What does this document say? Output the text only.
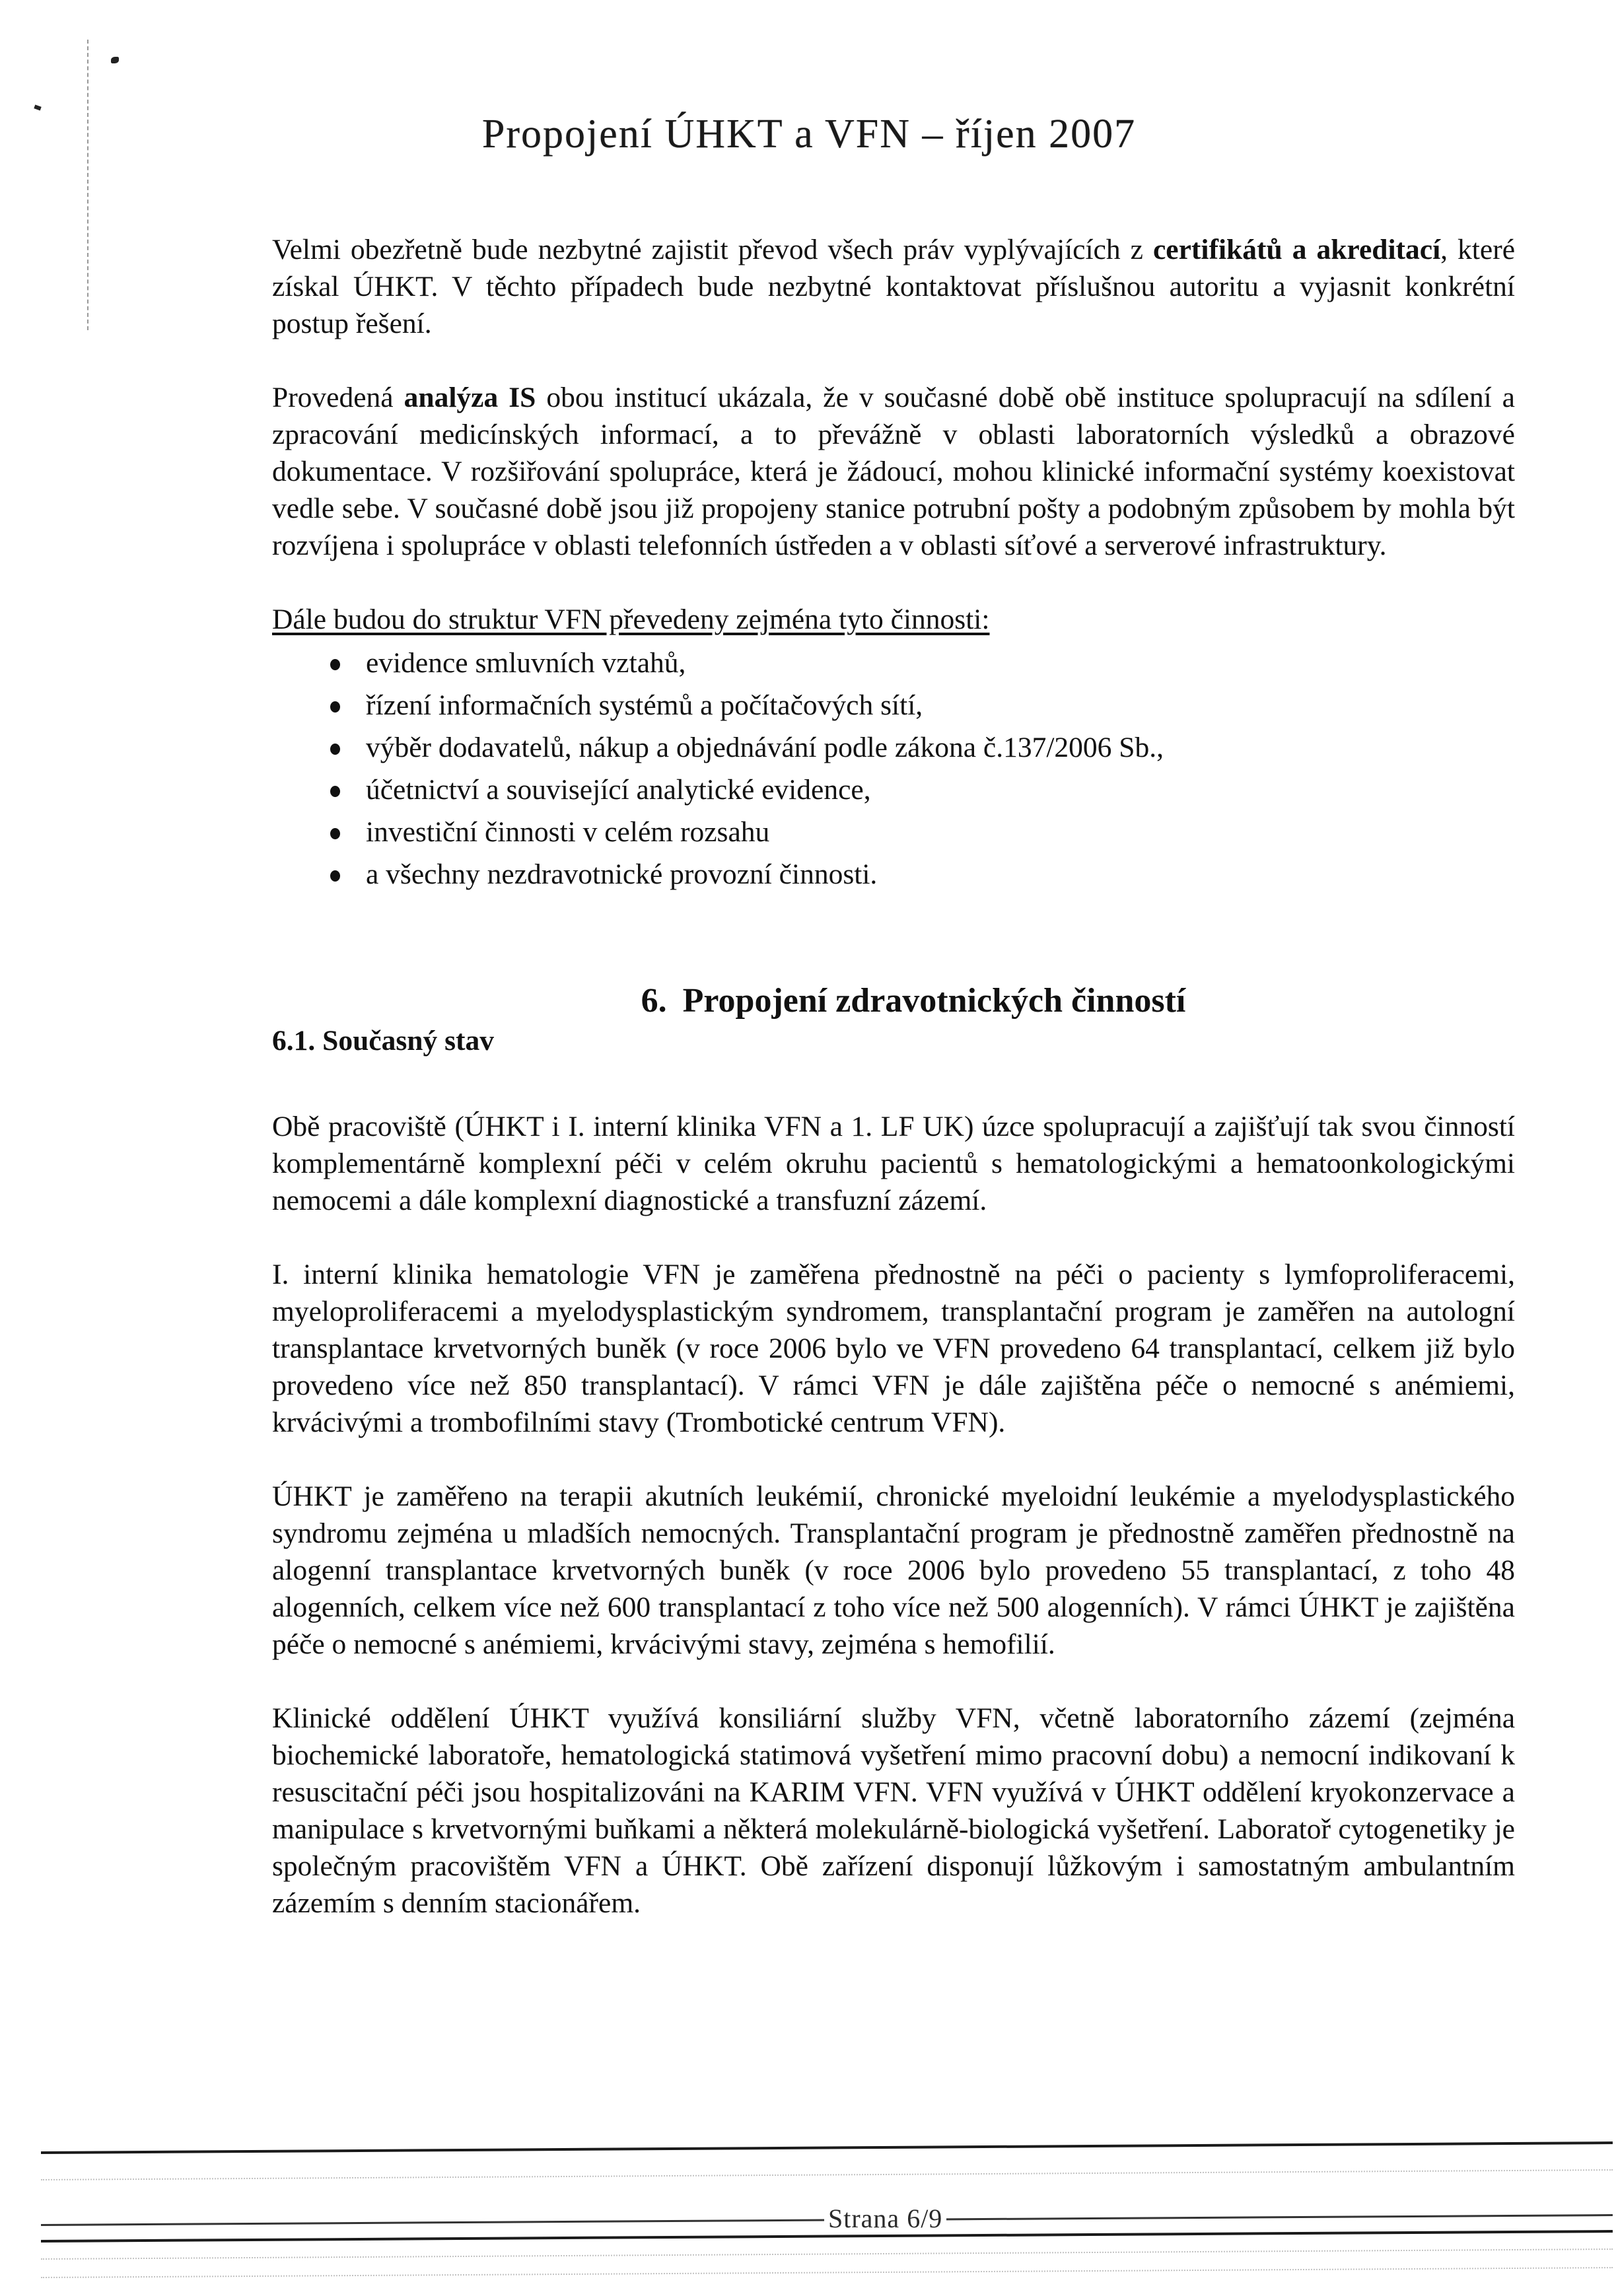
Propojení ÚHKT a VFN – říjen 2007

Velmi obezřetně bude nezbytné zajistit převod všech práv vyplývajících z certifikátů a akreditací, které získal ÚHKT. V těchto případech bude nezbytné kontaktovat příslušnou autoritu a vyjasnit konkrétní postup řešení.

Provedená analýza IS obou institucí ukázala, že v současné době obě instituce spolupracují na sdílení a zpracování medicínských informací, a to převážně v oblasti laboratorních výsledků a obrazové dokumentace. V rozšiřování spolupráce, která je žádoucí, mohou klinické informační systémy koexistovat vedle sebe. V současné době jsou již propojeny stanice potrubní pošty a podobným způsobem by mohla být rozvíjena i spolupráce v oblasti telefonních ústředen a v oblasti síťové a serverové infrastruktury.

Dále budou do struktur VFN převedeny zejména tyto činnosti:

evidence smluvních vztahů,
řízení informačních systémů a počítačových sítí,
výběr dodavatelů, nákup a objednávání podle zákona č.137/2006 Sb.,
účetnictví a související analytické evidence,
investiční činnosti v celém rozsahu
a všechny nezdravotnické provozní činnosti.
6. Propojení zdravotnických činností
6.1. Současný stav

Obě pracoviště (ÚHKT i I. interní klinika VFN a 1. LF UK) úzce spolupracují a zajišťují tak svou činností komplementárně komplexní péči v celém okruhu pacientů s hematologickými a hematoonkologickými nemocemi a dále komplexní diagnostické a transfuzní zázemí.

I. interní klinika hematologie VFN je zaměřena přednostně na péči o pacienty s lymfoproliferacemi, myeloproliferacemi a myelodysplastickým syndromem, transplantační program je zaměřen na autologní transplantace krvetvorných buněk (v roce 2006 bylo ve VFN provedeno 64 transplantací, celkem již bylo provedeno více než 850 transplantací). V rámci VFN je dále zajištěna péče o nemocné s anémiemi, krvácivými a trombofilními stavy (Trombotické centrum VFN).

ÚHKT je zaměřeno na terapii akutních leukémií, chronické myeloidní leukémie a myelodysplastického syndromu zejména u mladších nemocných. Transplantační program je přednostně zaměřen přednostně na alogenní transplantace krvetvorných buněk (v roce 2006 bylo provedeno 55 transplantací, z toho 48 alogenních, celkem více než 600 transplantací z toho více než 500 alogenních). V rámci ÚHKT je zajištěna péče o nemocné s anémiemi, krvácivými stavy, zejména s hemofilií.

Klinické oddělení ÚHKT využívá konsiliární služby VFN, včetně laboratorního zázemí (zejména biochemické laboratoře, hematologická statimová vyšetření mimo pracovní dobu) a nemocní indikovaní k resuscitační péči jsou hospitalizováni na KARIM VFN. VFN využívá v ÚHKT oddělení kryokonzervace a manipulace s krvetvornými buňkami a některá molekulárně-biologická vyšetření. Laboratoř cytogenetiky je společným pracovištěm VFN a ÚHKT. Obě zařízení disponují lůžkovým i samostatným ambulantním zázemím s denním stacionářem.

Strana 6/9
